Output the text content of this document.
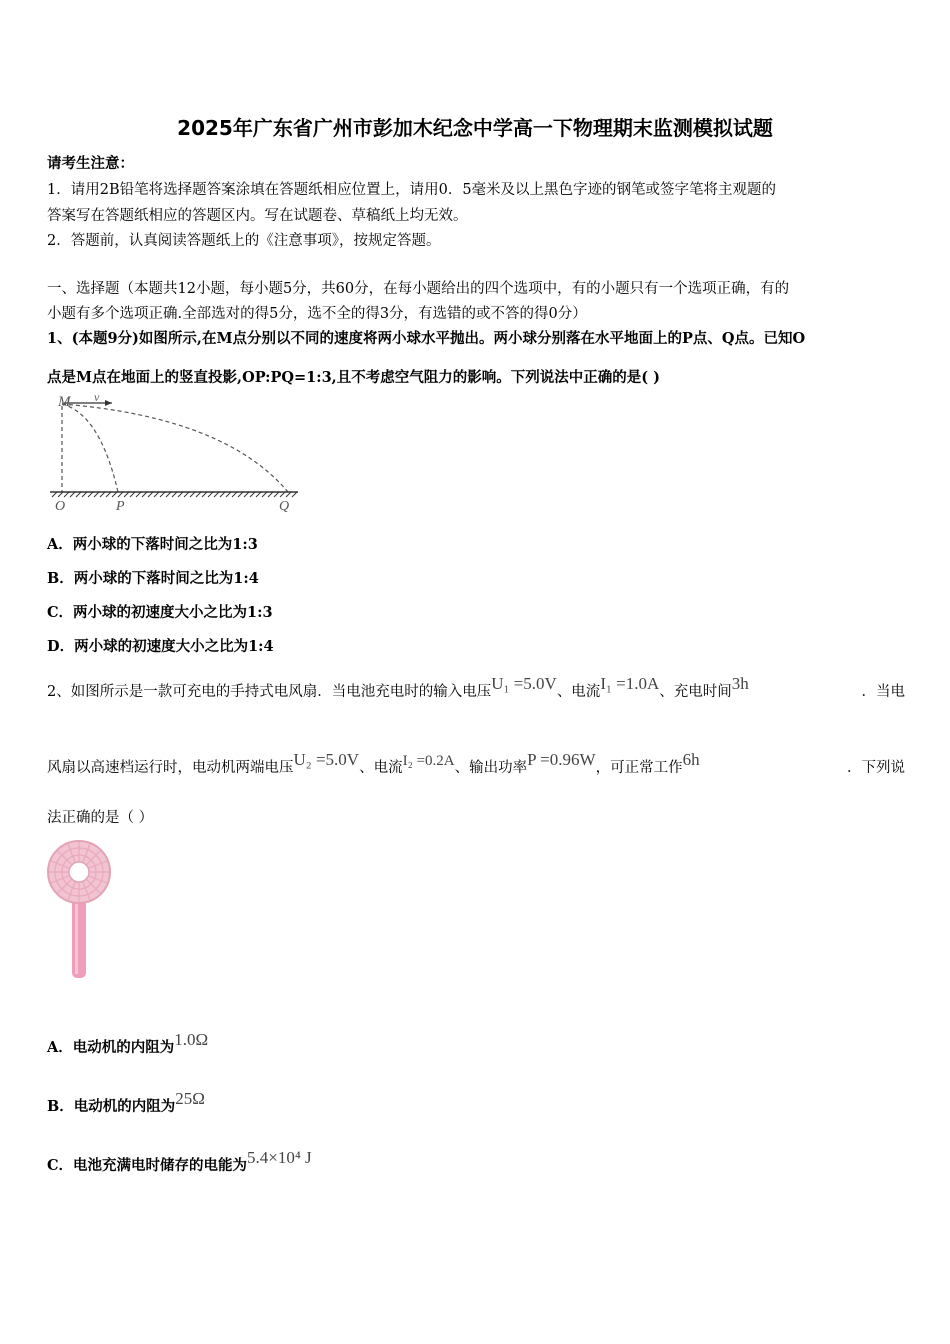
2025年广东省广州市彭加木纪念中学高一下物理期末监测模拟试题
请考生注意：
1．请用2B铅笔将选择题答案涂填在答题纸相应位置上，请用0．5毫米及以上黑色字迹的钢笔或签字笔将主观题的
答案写在答题纸相应的答题区内。写在试题卷、草稿纸上均无效。
2．答题前，认真阅读答题纸上的《注意事项》，按规定答题。
一、选择题（本题共12小题，每小题5分，共60分，在每小题给出的四个选项中，有的小题只有一个选项正确，有的
小题有多个选项正确.全部选对的得5分，选不全的得3分，有选错的或不答的得0分）
1、(本题9分)如图所示,在M点分别以不同的速度将两小球水平抛出。两小球分别落在水平地面上的P点、Q点。已知O
点是M点在地面上的竖直投影,OP:PQ=1:3,且不考虑空气阻力的影响。下列说法中正确的是( )
M v
O	P	Q
A．两小球的下落时间之比为1:3
B．两小球的下落时间之比为1:4
C．两小球的初速度大小之比为1:3
D．两小球的初速度大小之比为1:4
2、如图所示是一款可充电的手持式电风扇．当电池充电时的输入电压U₁ =5.0V、电流I₁ =1.0A、充电时间3h	．当电
风扇以高速档运行时，电动机两端电压U₂ =5.0V、电流I₂ =0.2A、输出功率P =0.96W，可正常工作6h	．下列说
法正确的是（ ）
A．电动机的内阻为1.0Ω
B．电动机的内阻为25Ω
C．电池充满电时储存的电能为5.4×10⁴ J
